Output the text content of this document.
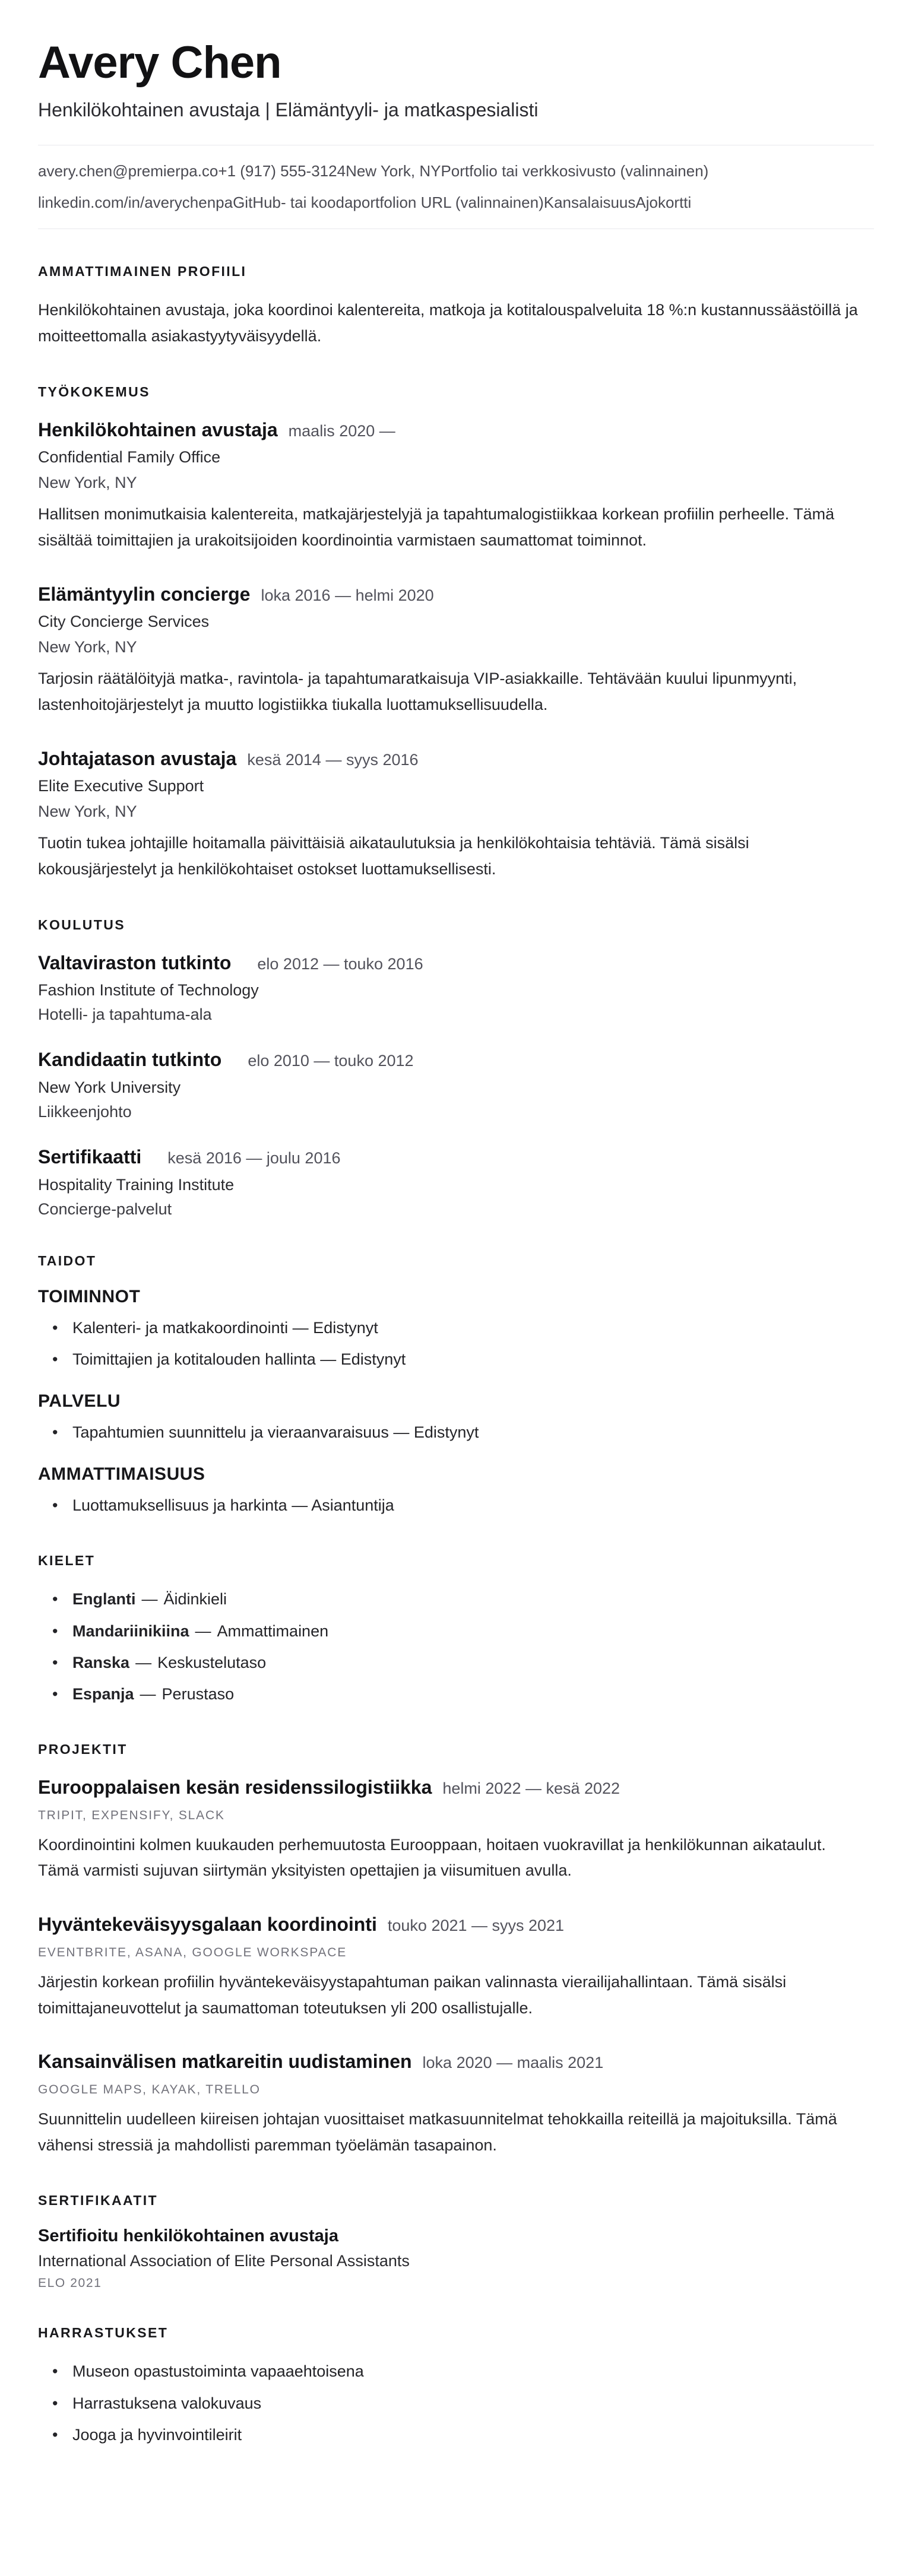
Avery Chen

Henkilökohtainen avustaja | Elämäntyyli- ja matkaspesialisti

avery.chen@premierpa.co+1 (917) 555-3124New York, NYPortfolio tai verkkosivusto (valinnainen)

linkedin.com/in/averychenpaGitHub- tai koodaportfolion URL (valinnainen)KansalaisuusAjokortti

AMMATTIMAINEN PROFIILI

Henkilökohtainen avustaja, joka koordinoi kalentereita, matkoja ja kotitalouspalveluita 18 %:n kustannussäästöillä ja moitteettomalla asiakastyytyväisyydellä.

TYÖKOKEMUS
Henkilökohtainen avustaja maalis 2020 —

Confidential Family Office

New York, NY

Hallitsen monimutkaisia kalentereita, matkajärjestelyjä ja tapahtumalogistiikkaa korkean profiilin perheelle. Tämä sisältää toimittajien ja urakoitsijoiden koordinointia varmistaen saumattomat toiminnot.

Elämäntyylin concierge loka 2016 — helmi 2020

City Concierge Services

New York, NY

Tarjosin räätälöityjä matka-, ravintola- ja tapahtumaratkaisuja VIP-asiakkaille. Tehtävään kuului lipunmyynti, lastenhoitojärjestelyt ja muutto logistiikka tiukalla luottamuksellisuudella.

Johtajatason avustaja kesä 2014 — syys 2016

Elite Executive Support

New York, NY

Tuotin tukea johtajille hoitamalla päivittäisiä aikataulutuksia ja henkilökohtaisia tehtäviä. Tämä sisälsi kokousjärjestelyt ja henkilökohtaiset ostokset luottamuksellisesti.

KOULUTUS
Valtaviraston tutkinto elo 2012 — touko 2016

Fashion Institute of Technology

Hotelli- ja tapahtuma-ala

Kandidaatin tutkinto elo 2010 — touko 2012

New York University

Liikkeenjohto

Sertifikaatti kesä 2016 — joulu 2016

Hospitality Training Institute

Concierge-palvelut

TAIDOT
TOIMINNOT
• Kalenteri- ja matkakoordinointi — Edistynyt
• Toimittajien ja kotitalouden hallinta — Edistynyt
PALVELU
• Tapahtumien suunnittelu ja vieraanvaraisuus — Edistynyt
AMMATTIMAISUUS
• Luottamuksellisuus ja harkinta — Asiantuntija
KIELET
• Englanti — Äidinkieli
• Mandariinikiina — Ammattimainen
• Ranska — Keskustelutaso
• Espanja — Perustaso
PROJEKTIT
Eurooppalaisen kesän residenssilogistiikka helmi 2022 — kesä 2022

TRIPIT, EXPENSIFY, SLACK

Koordinointini kolmen kuukauden perhemuutosta Eurooppaan, hoitaen vuokravillat ja henkilökunnan aikataulut. Tämä varmisti sujuvan siirtymän yksityisten opettajien ja viisumituen avulla.

Hyväntekeväisyysgalaan koordinointi touko 2021 — syys 2021

EVENTBRITE, ASANA, GOOGLE WORKSPACE

Järjestin korkean profiilin hyväntekeväisyystapahtuman paikan valinnasta vierailijahallintaan. Tämä sisälsi toimittajaneuvottelut ja saumattoman toteutuksen yli 200 osallistujalle.

Kansainvälisen matkareitin uudistaminen loka 2020 — maalis 2021

GOOGLE MAPS, KAYAK, TRELLO

Suunnittelin uudelleen kiireisen johtajan vuosittaiset matkasuunnitelmat tehokkailla reiteillä ja majoituksilla. Tämä vähensi stressiä ja mahdollisti paremman työelämän tasapainon.

SERTIFIKAATIT
Sertifioitu henkilökohtainen avustaja

International Association of Elite Personal Assistants

ELO 2021

HARRASTUKSET
• Museon opastustoiminta vapaaehtoisena
• Harrastuksena valokuvaus
• Jooga ja hyvinvointileirit
